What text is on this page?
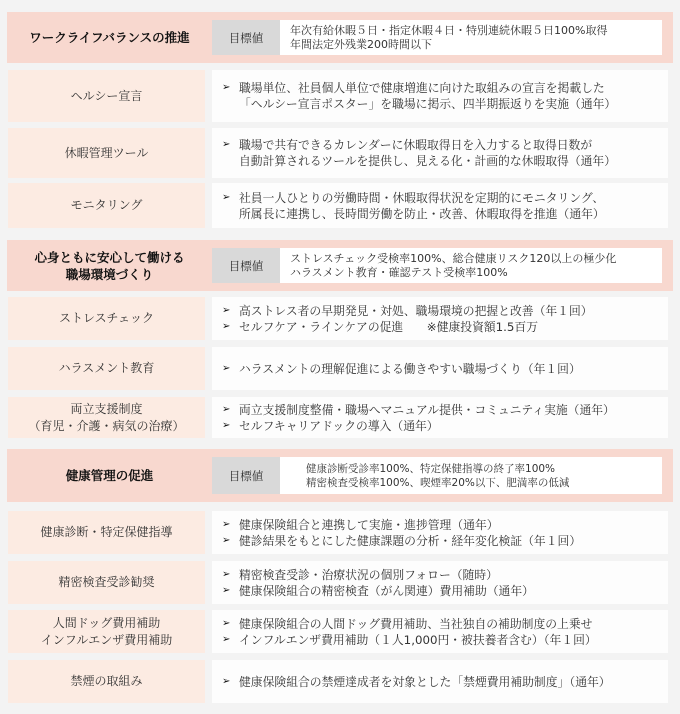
ワークライフバランスの推進	目標値
年次有給休暇５日・指定休暇４日・特別連続休暇５日100%取得
年間法定外残業200時間以下
ヘルシー宣言
➢ 職場単位、社員個人単位で健康増進に向けた取組みの宣言を掲載した
「ヘルシー宣言ポスター」を職場に掲示、四半期振返りを実施（通年）
休暇管理ツール
➢ 職場で共有できるカレンダーに休暇取得日を入力すると取得日数が
自動計算されるツールを提供し、見える化・計画的な休暇取得（通年）
モニタリング
➢ 社員一人ひとりの労働時間・休暇取得状況を定期的にモニタリング、
所属長に連携し、長時間労働を防止・改善、休暇取得を推進（通年）
心身ともに安心して働ける
職場環境づくり
目標値
ストレスチェック受検率100%、総合健康リスク120以上の極少化
ハラスメント教育・確認テスト受検率100%
ストレスチェック
➢ 高ストレス者の早期発見・対処、職場環境の把握と改善（年１回）
➢ セルフケア・ラインケアの促進　　※健康投資額1.5百万
ハラスメント教育	➢ ハラスメントの理解促進による働きやすい職場づくり（年１回）
両立支援制度
（育児・介護・病気の治療）
➢ 両立支援制度整備・職場へマニュアル提供・コミュニティ実施（通年）
➢ セルフキャリアドックの導入（通年）
健康管理の促進	目標値	健康診断受診率100%、特定保健指導の終了率100%
精密検査受検率100%、喫煙率20%以下、肥満率の低減
健康診断・特定保健指導
➢ 健康保険組合と連携して実施・進捗管理（通年）
➢ 健診結果をもとにした健康課題の分析・経年変化検証（年１回）
精密検査受診勧奨
➢ 精密検査受診・治療状況の個別フォロー（随時）
➢ 健康保険組合の精密検査（がん関連）費用補助（通年）
人間ドッグ費用補助
インフルエンザ費用補助
➢ 健康保険組合の人間ドッグ費用補助、当社独自の補助制度の上乗せ
➢ インフルエンザ費用補助（１人1,000円・被扶養者含む）（年１回）
禁煙の取組み	➢ 健康保険組合の禁煙達成者を対象とした「禁煙費用補助制度」（通年）
